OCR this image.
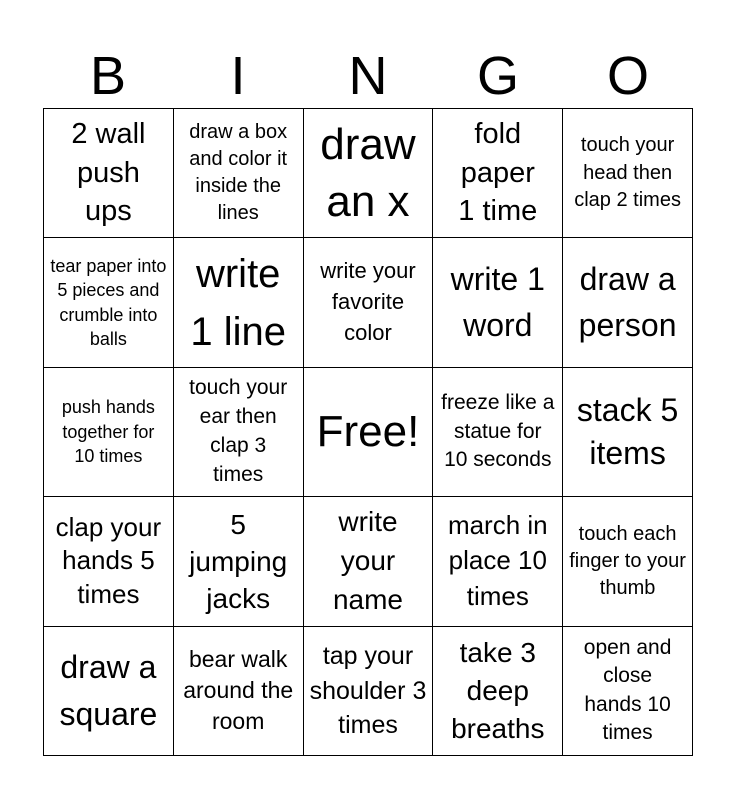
B	I	N	G	O
2 wall push ups
draw a box and color it inside the lines
draw an x
fold paper 1 time
touch your head then clap 2 times
tear paper into 5 pieces and crumble into balls
write 1 line
write your favorite color
write 1 word
draw a person
push hands together for 10 times
touch your ear then clap 3 times
Free!
freeze like a statue for 10 seconds
stack 5 items
clap your hands 5 times
5 jumping jacks
write your name
march in place 10 times
touch each finger to your thumb
draw a square
bear walk around the room
tap your shoulder 3 times
take 3 deep breaths
open and close hands 10 times
